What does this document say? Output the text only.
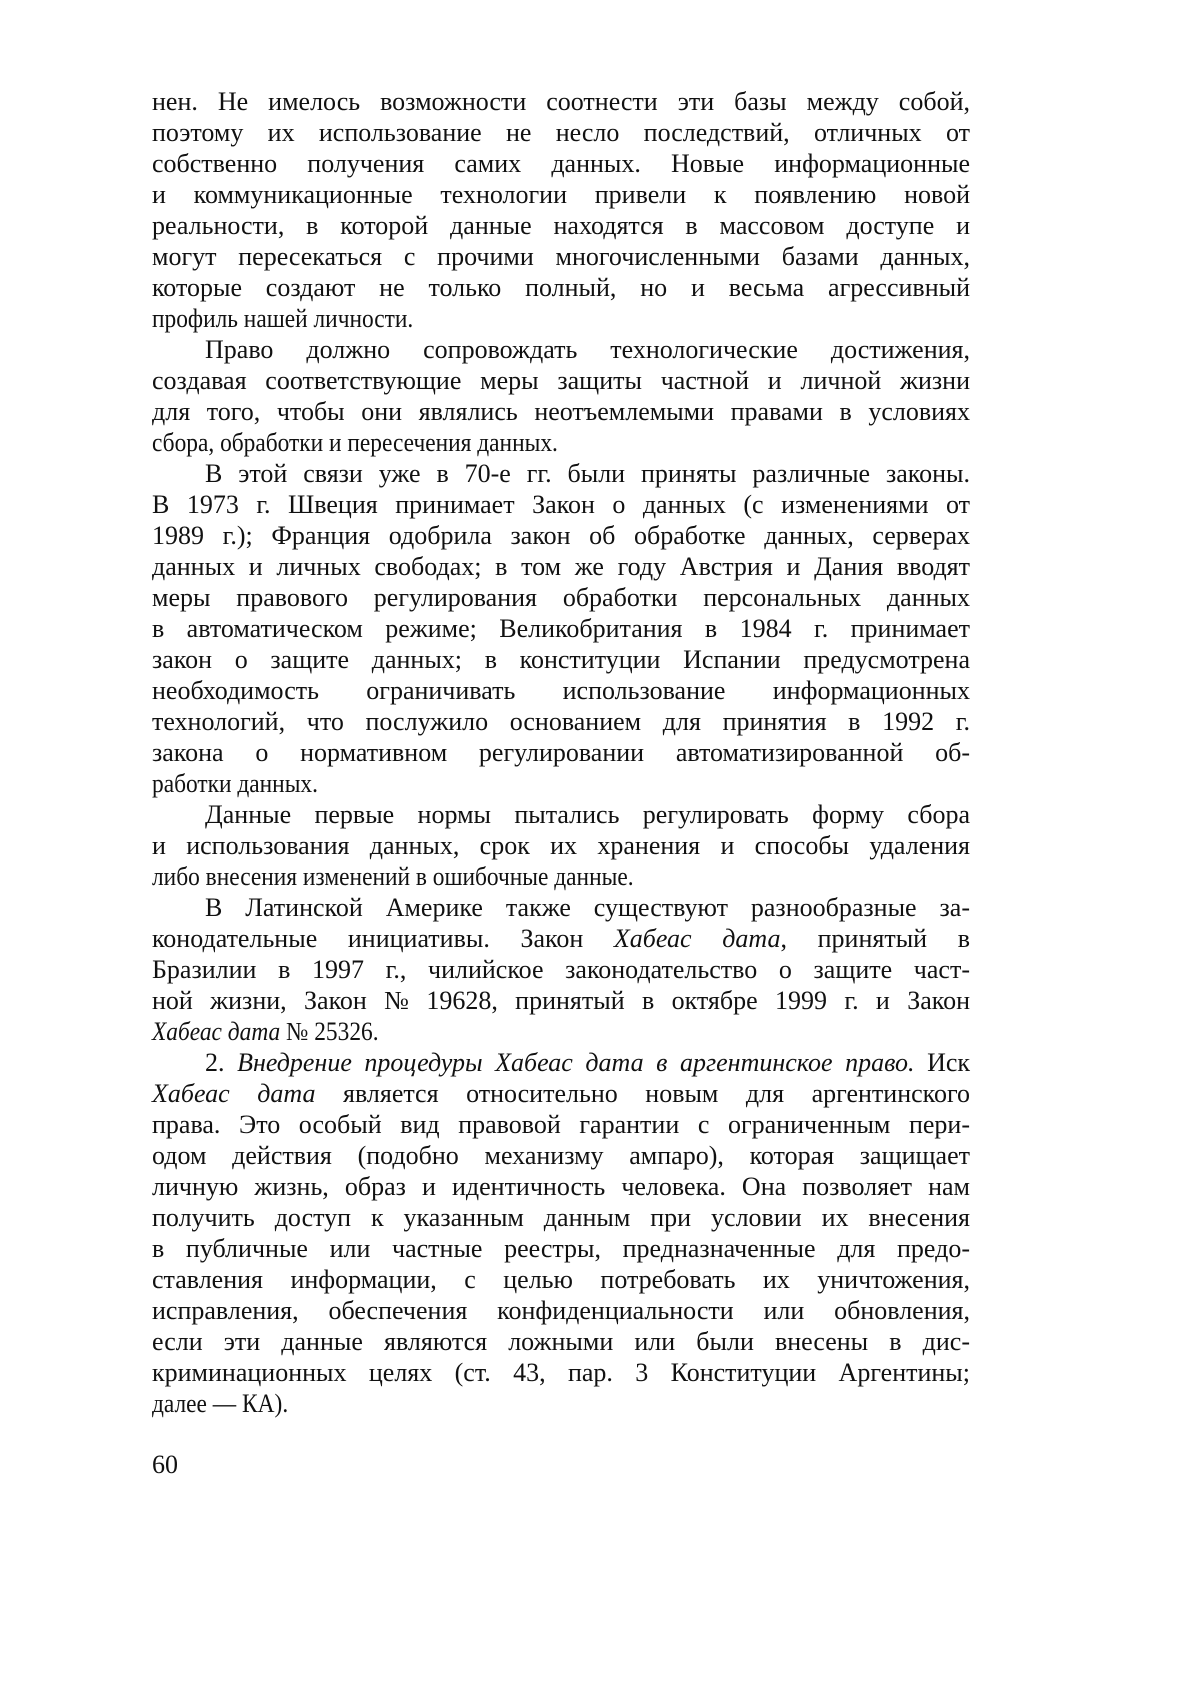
нен. Не имелось возможности соотнести эти базы между собой,
поэтому их использование не несло последствий, отличных от
собственно получения самих данных. Новые информационные
и коммуникационные технологии привели к появлению новой
реальности, в которой данные находятся в массовом доступе и
могут пересекаться с прочими многочисленными базами данных,
которые создают не только полный, но и весьма агрессивный
профиль нашей личности.
Право должно сопровождать технологические достижения,
создавая соответствующие меры защиты частной и личной жизни
для того, чтобы они являлись неотъемлемыми правами в условиях
сбора, обработки и пересечения данных.
В этой связи уже в 70-е гг. были приняты различные законы.
В 1973 г. Швеция принимает Закон о данных (с изменениями от
1989 г.); Франция одобрила закон об обработке данных, серверах
данных и личных свободах; в том же году Австрия и Дания вводят
меры правового регулирования обработки персональных данных
в автоматическом режиме; Великобритания в 1984 г. принимает
закон о защите данных; в конституции Испании предусмотрена
необходимость ограничивать использование информационных
технологий, что послужило основанием для принятия в 1992 г.
закона о нормативном регулировании автоматизированной об-
работки данных.
Данные первые нормы пытались регулировать форму сбора
и использования данных, срок их хранения и способы удаления
либо внесения изменений в ошибочные данные.
В Латинской Америке также существуют разнообразные за-
конодательные инициативы. Закон Хабеас дата, принятый в
Бразилии в 1997 г., чилийское законодательство о защите част-
ной жизни, Закон № 19628, принятый в октябре 1999 г. и Закон
Хабеас дата № 25326.
2. Внедрение процедуры Хабеас дата в аргентинское право. Иск
Хабеас дата является относительно новым для аргентинского
права. Это особый вид правовой гарантии с ограниченным пери-
одом действия (подобно механизму ампаро), которая защищает
личную жизнь, образ и идентичность человека. Она позволяет нам
получить доступ к указанным данным при условии их внесения
в публичные или частные реестры, предназначенные для предо-
ставления информации, с целью потребовать их уничтожения,
исправления, обеспечения конфиденциальности или обновления,
если эти данные являются ложными или были внесены в дис-
криминационных целях (ст. 43, пар. 3 Конституции Аргентины;
далее — КА).
60
